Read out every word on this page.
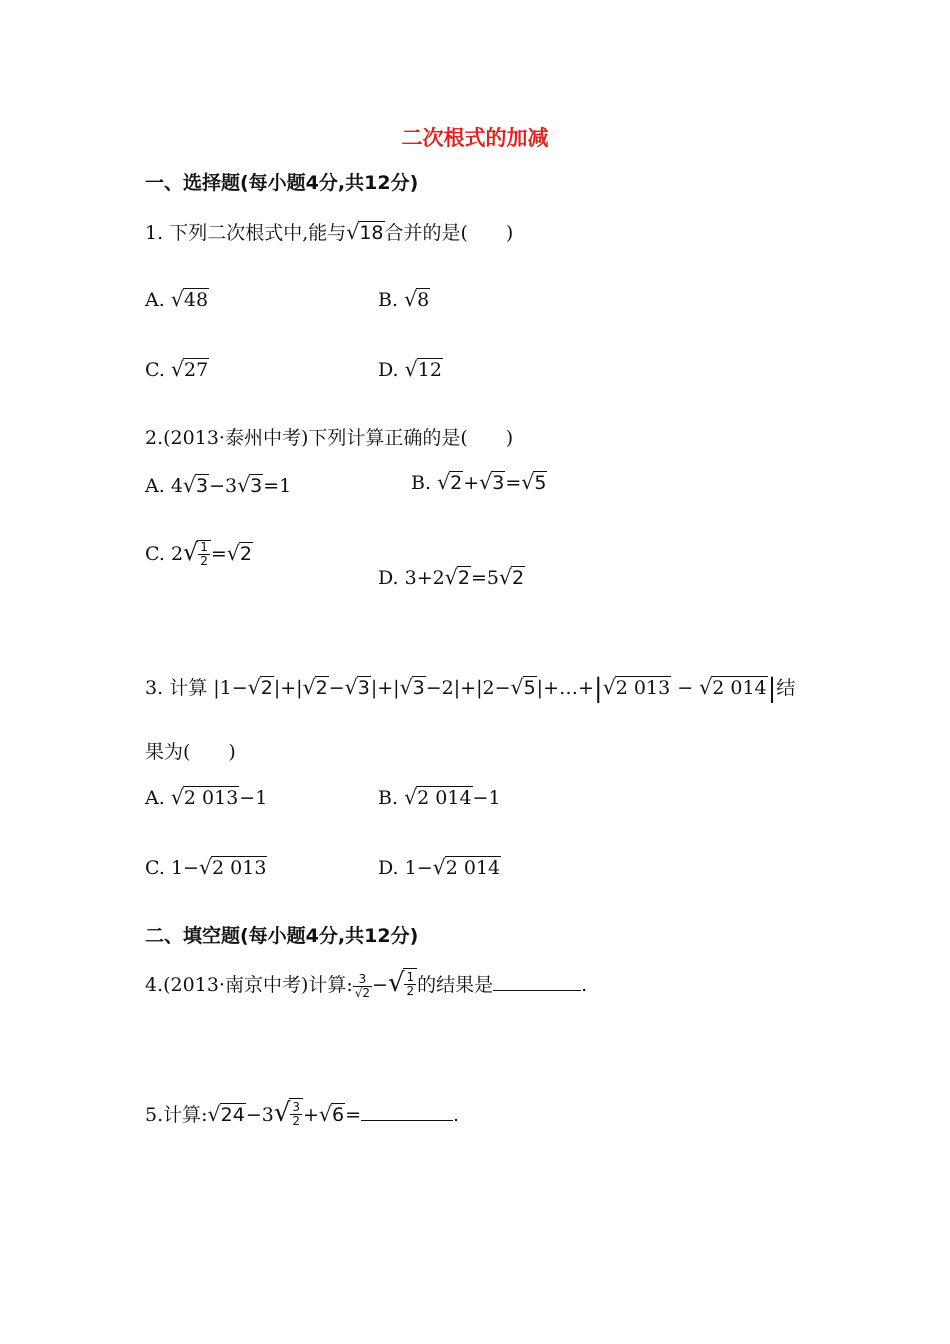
二次根式的加减
一、选择题(每小题4分,共12分)
1. 下列二次根式中,能与√18合并的是(　　)
A. √48	B. √8
C. √27	D. √12
2.(2013·泰州中考)下列计算正确的是(　　)
A. 4√3−3√3=1	B. √2+√3=√5
C. $2√ \frac{1}{2} =√2$
D. 3+2√2=5√2
3. 计算 |1−√2|+|√2−√3|+|√3−2|+|2−√5|+…+|√2 013 − √2 014|结
果为(　　)
A. √2 013−1	B. √2 014−1
C. 1−√2 013	D. 1−√2 014
二、填空题(每小题4分,共12分)
4.(2013·南京中考)计算: $\frac{3}{√2}$ −√ $\frac{1}{2}$ 的结果是	.
5.计算:√24−3√ $\frac{3}{2} +√6=$	.
